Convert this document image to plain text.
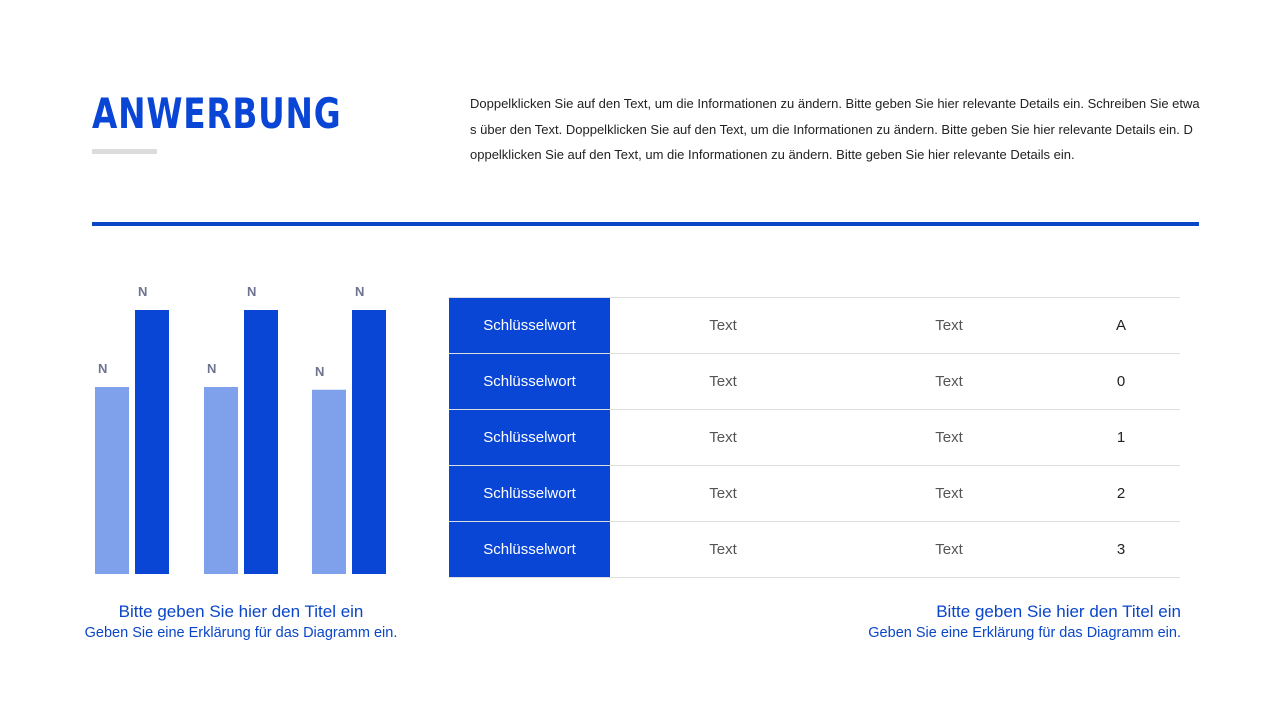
ANWERBUNG	Doppelklicken Sie auf den Text, um die Informationen zu ändern. Bitte geben Sie hier relevante Details ein. Schreiben Sie etwas über den Text. Doppelklicken Sie auf den Text, um die Informationen zu ändern. Bitte geben Sie hier relevante Details ein. Doppelklicken Sie auf den Text, um die Informationen zu ändern. Bitte geben Sie hier relevante Details ein.
N	N	N
N	N	N
Bitte geben Sie hier den Titel ein
Geben Sie eine Erklärung für das Diagramm ein.
Schlüsselwort	Text	Text	A
Schlüsselwort	Text	Text	0
Schlüsselwort	Text	Text	1
Schlüsselwort	Text	Text	2
Schlüsselwort	Text	Text	3
Bitte geben Sie hier den Titel ein
Geben Sie eine Erklärung für das Diagramm ein.
